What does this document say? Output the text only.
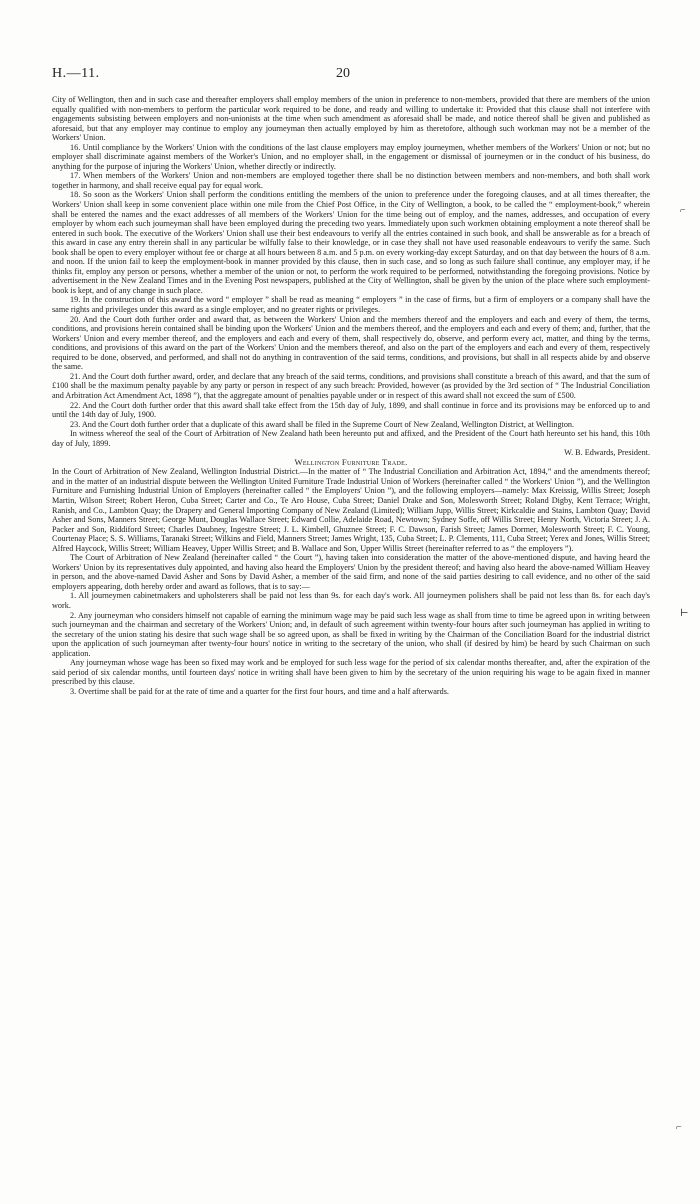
H.—11.	20

City of Wellington, then and in such case and thereafter employers shall employ members of the union in preference to non-members, provided that there are members of the union equally qualified with non-members to perform the particular work required to be done, and ready and willing to undertake it: Provided that this clause shall not interfere with engagements subsisting between employers and non-unionists at the time when such amendment as aforesaid shall be made, and notice thereof shall be given and published as aforesaid, but that any employer may continue to employ any journeyman then actually employed by him as theretofore, although such workman may not be a member of the Workers' Union.

16. Until compliance by the Workers' Union with the conditions of the last clause employers may employ journeymen, whether members of the Workers' Union or not; but no employer shall discriminate against members of the Worker's Union, and no employer shall, in the engagement or dismissal of journeymen or in the conduct of his business, do anything for the purpose of injuring the Workers' Union, whether directly or indirectly.

17. When members of the Workers' Union and non-members are employed together there shall be no distinction between members and non-members, and both shall work together in harmony, and shall receive equal pay for equal work.

18. So soon as the Workers' Union shall perform the conditions entitling the members of the union to preference under the foregoing clauses, and at all times thereafter, the Workers' Union shall keep in some convenient place within one mile from the Chief Post Office, in the City of Wellington, a book, to be called the “ employment-book,” wherein shall be entered the names and the exact addresses of all members of the Workers' Union for the time being out of employ, and the names, addresses, and occupation of every employer by whom each such journeyman shall have been employed during the preceding two years. Immediately upon such workmen obtaining employment a note thereof shall be entered in such book. The executive of the Workers' Union shall use their best endeavours to verify all the entries contained in such book, and shall be answerable as for a breach of this award in case any entry therein shall in any particular be wilfully false to their knowledge, or in case they shall not have used reasonable endeavours to verify the same. Such book shall be open to every employer without fee or charge at all hours between 8 a.m. and 5 p.m. on every working-day except Saturday, and on that day between the hours of 8 a.m. and noon. If the union fail to keep the employment-book in manner provided by this clause, then in such case, and so long as such failure shall continue, any employer may, if he thinks fit, employ any person or persons, whether a member of the union or not, to perform the work required to be performed, notwithstanding the foregoing provisions. Notice by advertisement in the New Zealand Times and in the Evening Post newspapers, published at the City of Wellington, shall be given by the union of the place where such employment-book is kept, and of any change in such place.

19. In the construction of this award the word “ employer ” shall be read as meaning “ employers ” in the case of firms, but a firm of employers or a company shall have the same rights and privileges under this award as a single employer, and no greater rights or privileges.

20. And the Court doth further order and award that, as between the Workers' Union and the members thereof and the employers and each and every of them, the terms, conditions, and provisions herein contained shall be binding upon the Workers' Union and the members thereof, and the employers and each and every of them; and, further, that the Workers' Union and every member thereof, and the employers and each and every of them, shall respectively do, observe, and perform every act, matter, and thing by the terms, conditions, and provisions of this award on the part of the Workers' Union and the members thereof, and also on the part of the employers and each and every of them, respectively required to be done, observed, and performed, and shall not do anything in contravention of the said terms, conditions, and provisions, but shall in all respects abide by and observe the same.

21. And the Court doth further award, order, and declare that any breach of the said terms, conditions, and provisions shall constitute a breach of this award, and that the sum of £100 shall be the maximum penalty payable by any party or person in respect of any such breach: Provided, however (as provided by the 3rd section of “ The Industrial Conciliation and Arbitration Act Amendment Act, 1898 ”), that the aggregate amount of penalties payable under or in respect of this award shall not exceed the sum of £500.

22. And the Court doth further order that this award shall take effect from the 15th day of July, 1899, and shall continue in force and its provisions may be enforced up to and until the 14th day of July, 1900.

23. And the Court doth further order that a duplicate of this award shall be filed in the Supreme Court of New Zealand, Wellington District, at Wellington.

In witness whereof the seal of the Court of Arbitration of New Zealand hath been hereunto put and affixed, and the President of the Court hath hereunto set his hand, this 10th day of July, 1899.

W. B. Edwards, President.

Wellington Furniture Trade.

In the Court of Arbitration of New Zealand, Wellington Industrial District.—In the matter of “ The Industrial Conciliation and Arbitration Act, 1894,” and the amendments thereof; and in the matter of an industrial dispute between the Wellington United Furniture Trade Industrial Union of Workers (hereinafter called “ the Workers' Union ”), and the Wellington Furniture and Furnishing Industrial Union of Employers (hereinafter called “ the Employers' Union ”), and the following employers—namely: Max Kreissig, Willis Street; Joseph Martin, Wilson Street; Robert Heron, Cuba Street; Carter and Co., Te Aro House, Cuba Street; Daniel Drake and Son, Molesworth Street; Roland Digby, Kent Terrace; Wright, Ranish, and Co., Lambton Quay; the Drapery and General Importing Company of New Zealand (Limited); William Jupp, Willis Street; Kirkcaldie and Stains, Lambton Quay; David Asher and Sons, Manners Street; George Munt, Douglas Wallace Street; Edward Collie, Adelaide Road, Newtown; Sydney Soffe, off Willis Street; Henry North, Victoria Street; J. A. Packer and Son, Riddiford Street; Charles Daubney, Ingestre Street; J. L. Kimbell, Ghuznee Street; F. C. Dawson, Farish Street; James Dormer, Molesworth Street; F. C. Young, Courtenay Place; S. S. Williams, Taranaki Street; Wilkins and Field, Manners Street; James Wright, 135, Cuba Street; L. P. Clements, 111, Cuba Street; Yerex and Jones, Willis Street; Alfred Haycock, Willis Street; William Heavey, Upper Willis Street; and B. Wallace and Son, Upper Willis Street (hereinafter referred to as “ the employers ”).

The Court of Arbitration of New Zealand (hereinafter called “ the Court ”), having taken into consideration the matter of the above-mentioned dispute, and having heard the Workers' Union by its representatives duly appointed, and having also heard the Employers' Union by the president thereof; and having also heard the above-named William Heavey in person, and the above-named David Asher and Sons by David Asher, a member of the said firm, and none of the said parties desiring to call evidence, and no other of the said employers appearing, doth hereby order and award as follows, that is to say:—

1. All journeymen cabinetmakers and upholsterers shall be paid not less than 9s. for each day's work. All journeymen polishers shall be paid not less than 8s. for each day's work.

2. Any journeyman who considers himself not capable of earning the minimum wage may be paid such less wage as shall from time to time be agreed upon in writing between such journeyman and the chairman and secretary of the Workers' Union; and, in default of such agreement within twenty-four hours after such journeyman has applied in writing to the secretary of the union stating his desire that such wage shall be so agreed upon, as shall be fixed in writing by the Chairman of the Conciliation Board for the industrial district upon the application of such journeyman after twenty-four hours' notice in writing to the secretary of the union, who shall (if desired by him) be heard by such Chairman on such application.

Any journeyman whose wage has been so fixed may work and be employed for such less wage for the period of six calendar months thereafter, and, after the expiration of the said period of six calendar months, until fourteen days' notice in writing shall have been given to him by the secretary of the union requiring his wage to be again fixed in manner prescribed by this clause.

3. Overtime shall be paid for at the rate of time and a quarter for the first four hours, and time and a half afterwards.

⌐
⊢
⌐
